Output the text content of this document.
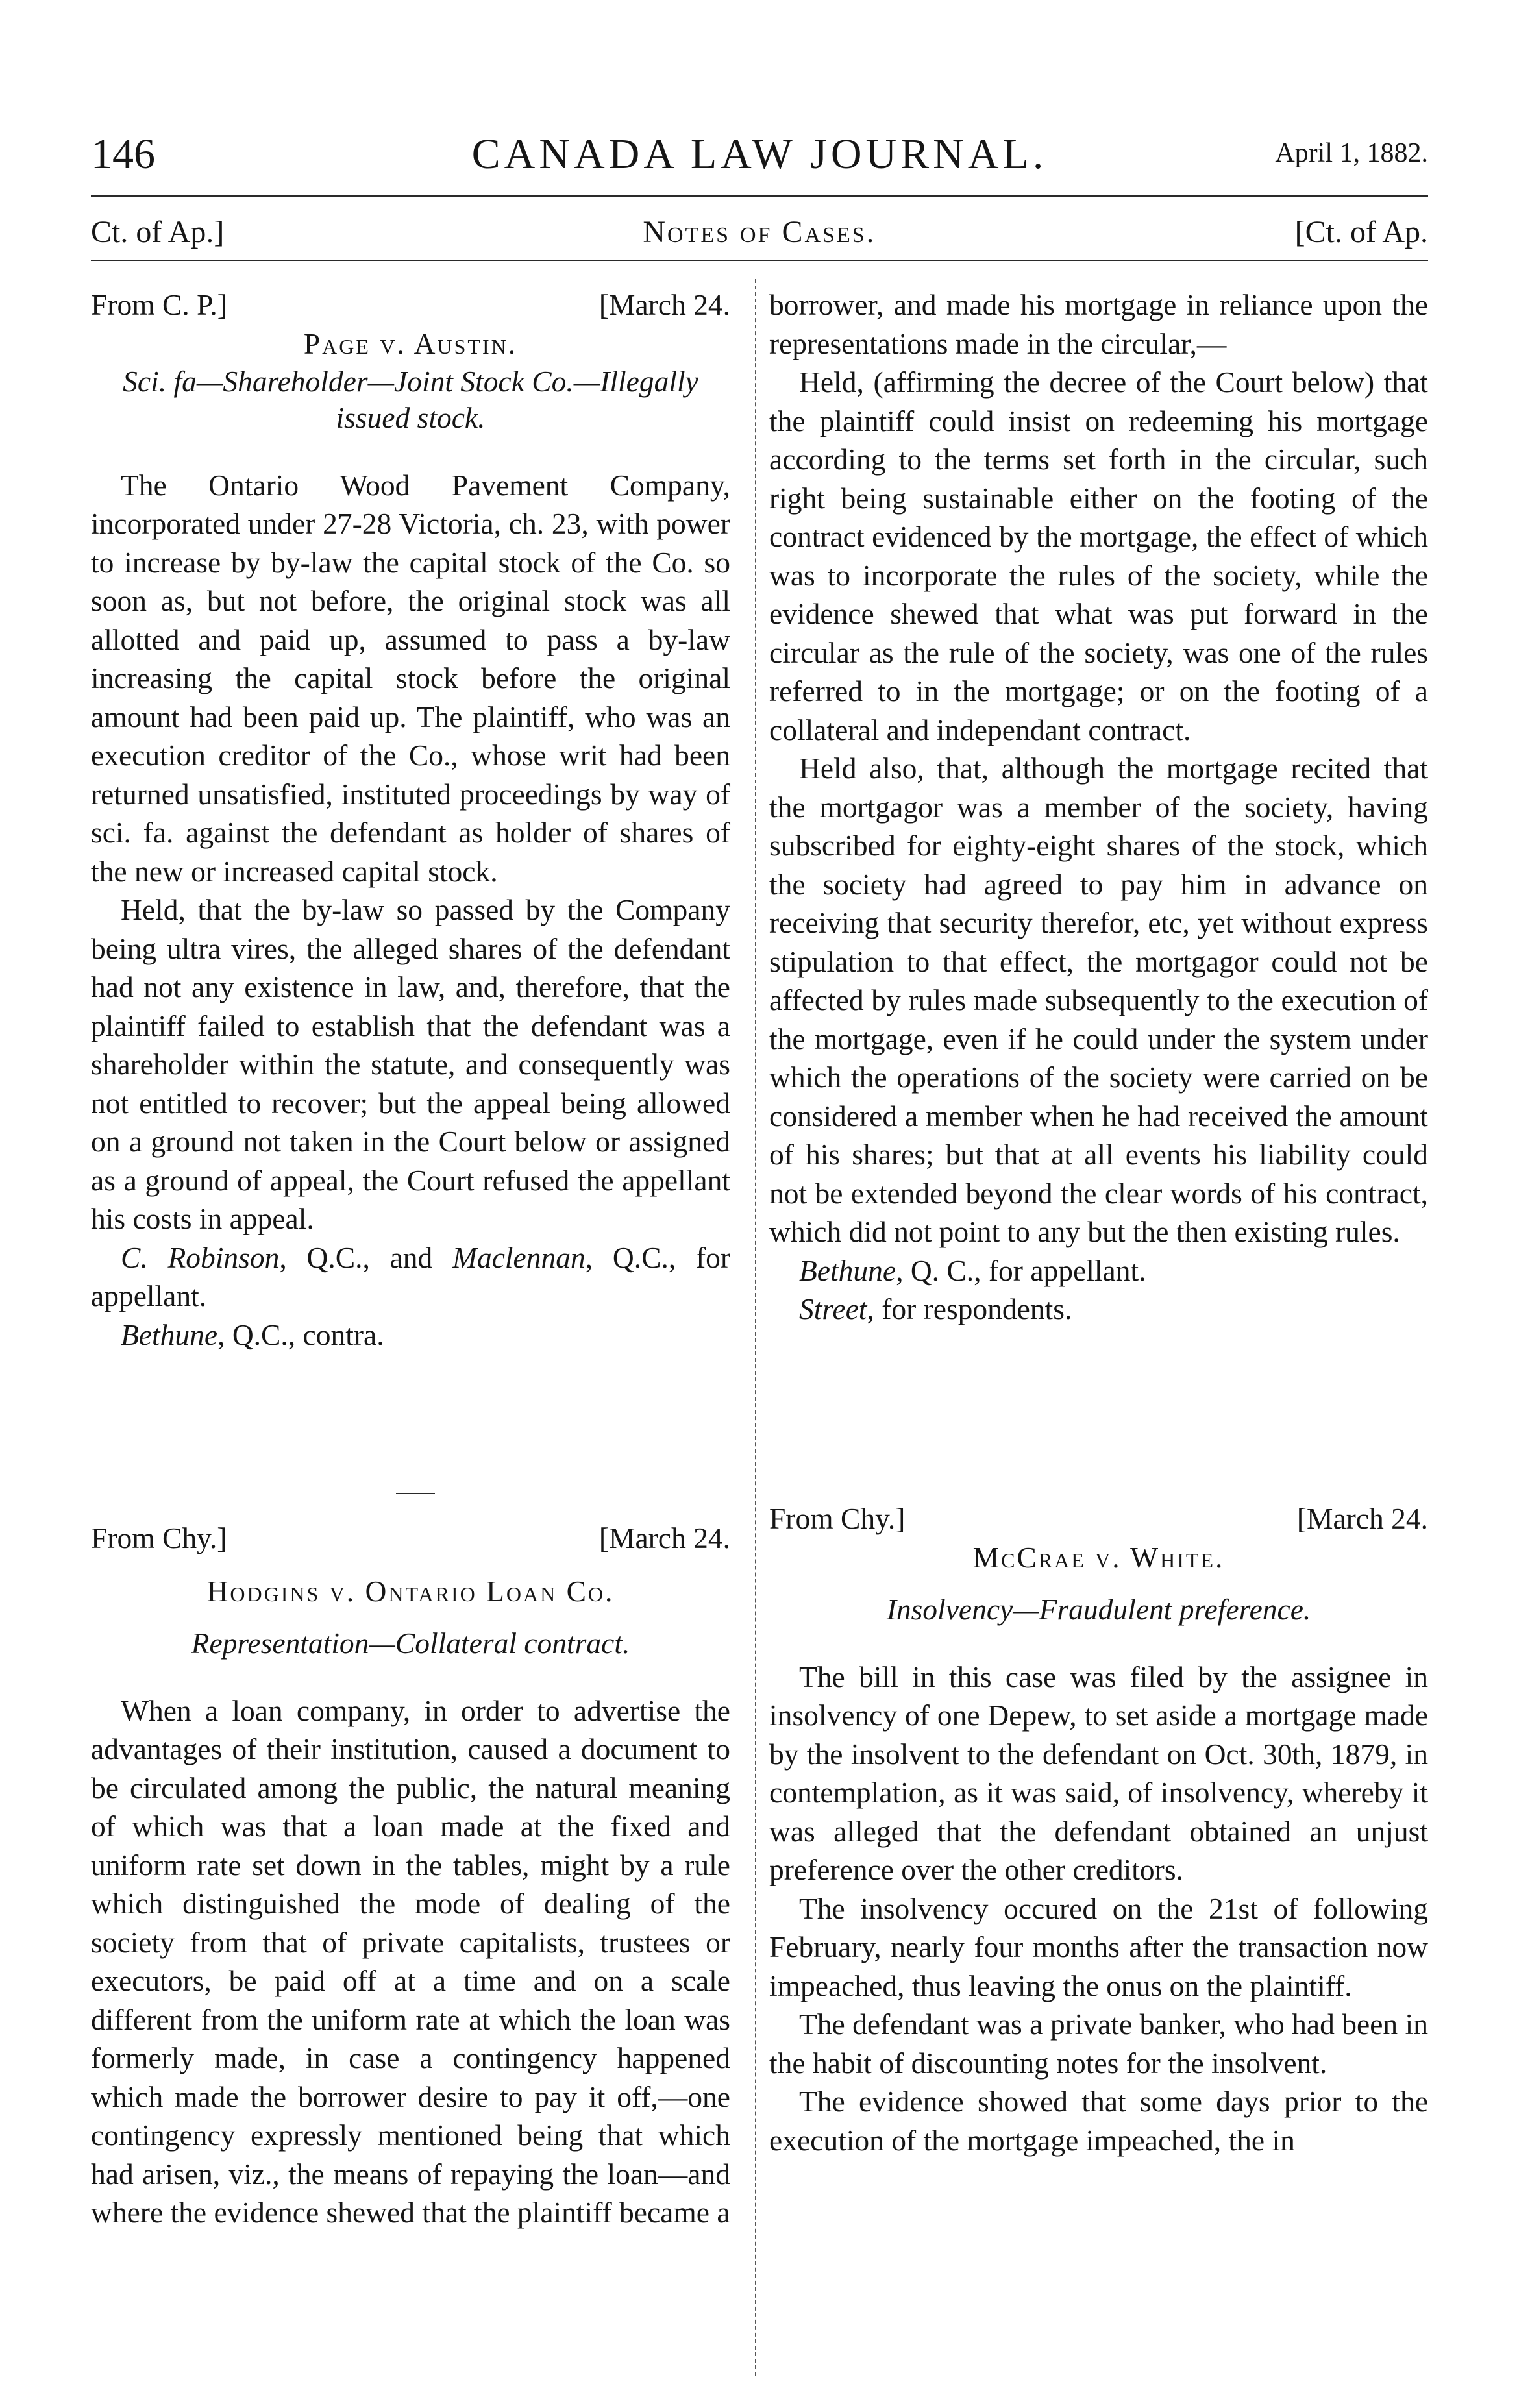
146	CANADA LAW JOURNAL.	April 1, 1882.
Ct. of Ap.]	Notes of Cases.	[Ct. of Ap.
From C. P.]	[March 24.
Page v. Austin.
Sci. fa—Shareholder—Joint Stock Co.—Illegally issued stock.

The Ontario Wood Pavement Company, incorporated under 27-28 Victoria, ch. 23, with power to increase by by-law the capital stock of the Co. so soon as, but not before, the original stock was all allotted and paid up, assumed to pass a by-law increasing the capital stock before the original amount had been paid up. The plaintiff, who was an execution creditor of the Co., whose writ had been returned unsatisfied, instituted proceedings by way of sci. fa. against the defendant as holder of shares of the new or increased capital stock.

Held, that the by-law so passed by the Company being ultra vires, the alleged shares of the defendant had not any existence in law, and, therefore, that the plaintiff failed to establish that the defendant was a shareholder within the statute, and consequently was not entitled to recover; but the appeal being allowed on a ground not taken in the Court below or assigned as a ground of appeal, the Court refused the appellant his costs in appeal.

C. Robinson, Q.C., and Maclennan, Q.C., for appellant.

Bethune, Q.C., contra.

borrower, and made his mortgage in reliance upon the representations made in the circular,—

Held, (affirming the decree of the Court below) that the plaintiff could insist on redeeming his mortgage according to the terms set forth in the circular, such right being sustainable either on the footing of the contract evidenced by the mortgage, the effect of which was to incorporate the rules of the society, while the evidence shewed that what was put forward in the circular as the rule of the society, was one of the rules referred to in the mortgage; or on the footing of a collateral and independant contract.

Held also, that, although the mortgage recited that the mortgagor was a member of the society, having subscribed for eighty-eight shares of the stock, which the society had agreed to pay him in advance on receiving that security therefor, etc, yet without express stipulation to that effect, the mortgagor could not be affected by rules made subsequently to the execution of the mortgage, even if he could under the system under which the operations of the society were carried on be considered a member when he had received the amount of his shares; but that at all events his liability could not be extended beyond the clear words of his contract, which did not point to any but the then existing rules.

Bethune, Q. C., for appellant.

Street, for respondents.

From Chy.]	[March 24.
Hodgins v. Ontario Loan Co.
Representation—Collateral contract.

When a loan company, in order to advertise the advantages of their institution, caused a document to be circulated among the public, the natural meaning of which was that a loan made at the fixed and uniform rate set down in the tables, might by a rule which distinguished the mode of dealing of the society from that of private capitalists, trustees or executors, be paid off at a time and on a scale different from the uniform rate at which the loan was formerly made, in case a contingency happened which made the borrower desire to pay it off,—one contingency expressly mentioned being that which had arisen, viz., the means of repaying the loan—and where the evidence shewed that the plaintiff became a

From Chy.]	[March 24.
McCrae v. White.
Insolvency—Fraudulent preference.

The bill in this case was filed by the assignee in insolvency of one Depew, to set aside a mortgage made by the insolvent to the defendant on Oct. 30th, 1879, in contemplation, as it was said, of insolvency, whereby it was alleged that the defendant obtained an unjust preference over the other creditors.

The insolvency occured on the 21st of following February, nearly four months after the transaction now impeached, thus leaving the onus on the plaintiff.

The defendant was a private banker, who had been in the habit of discounting notes for the insolvent.

The evidence showed that some days prior to the execution of the mortgage impeached, the in
